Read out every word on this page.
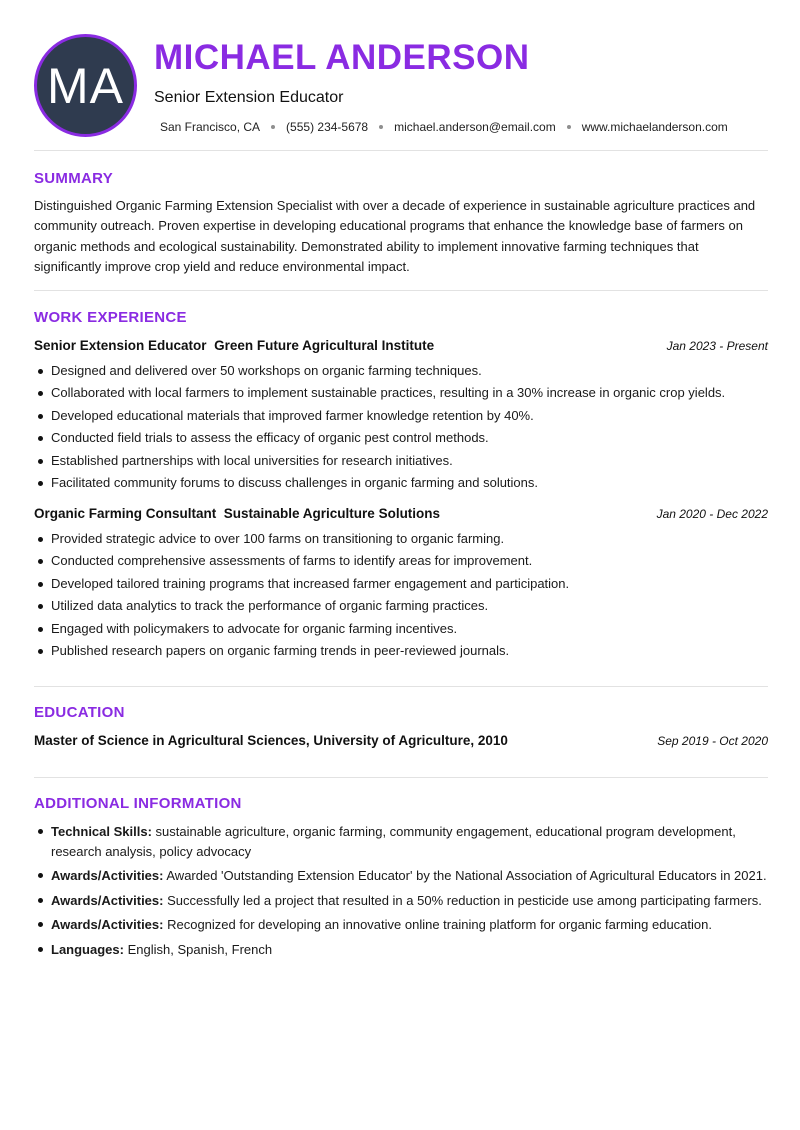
MA MICHAEL ANDERSON
Senior Extension Educator
San Francisco, CA (555) 234-5678 michael.anderson@email.com www.michaelanderson.com
SUMMARY

Distinguished Organic Farming Extension Specialist with over a decade of experience in sustainable agriculture practices and community outreach. Proven expertise in developing educational programs that enhance the knowledge base of farmers on organic methods and ecological sustainability. Demonstrated ability to implement innovative farming techniques that significantly improve crop yield and reduce environmental impact.

WORK EXPERIENCE
Senior Extension Educator Green Future Agricultural Institute	Jan 2023 - Present
Designed and delivered over 50 workshops on organic farming techniques.
Collaborated with local farmers to implement sustainable practices, resulting in a 30% increase in organic crop yields.
Developed educational materials that improved farmer knowledge retention by 40%.
Conducted field trials to assess the efficacy of organic pest control methods.
Established partnerships with local universities for research initiatives.
Facilitated community forums to discuss challenges in organic farming and solutions.
Organic Farming Consultant Sustainable Agriculture Solutions	Jan 2020 - Dec 2022
Provided strategic advice to over 100 farms on transitioning to organic farming.
Conducted comprehensive assessments of farms to identify areas for improvement.
Developed tailored training programs that increased farmer engagement and participation.
Utilized data analytics to track the performance of organic farming practices.
Engaged with policymakers to advocate for organic farming incentives.
Published research papers on organic farming trends in peer-reviewed journals.
EDUCATION
Master of Science in Agricultural Sciences, University of Agriculture, 2010	Sep 2019 - Oct 2020
ADDITIONAL INFORMATION
Technical Skills: sustainable agriculture, organic farming, community engagement, educational program development, research analysis, policy advocacy
Awards/Activities: Awarded 'Outstanding Extension Educator' by the National Association of Agricultural Educators in 2021.
Awards/Activities: Successfully led a project that resulted in a 50% reduction in pesticide use among participating farmers.
Awards/Activities: Recognized for developing an innovative online training platform for organic farming education.
Languages: English, Spanish, French
